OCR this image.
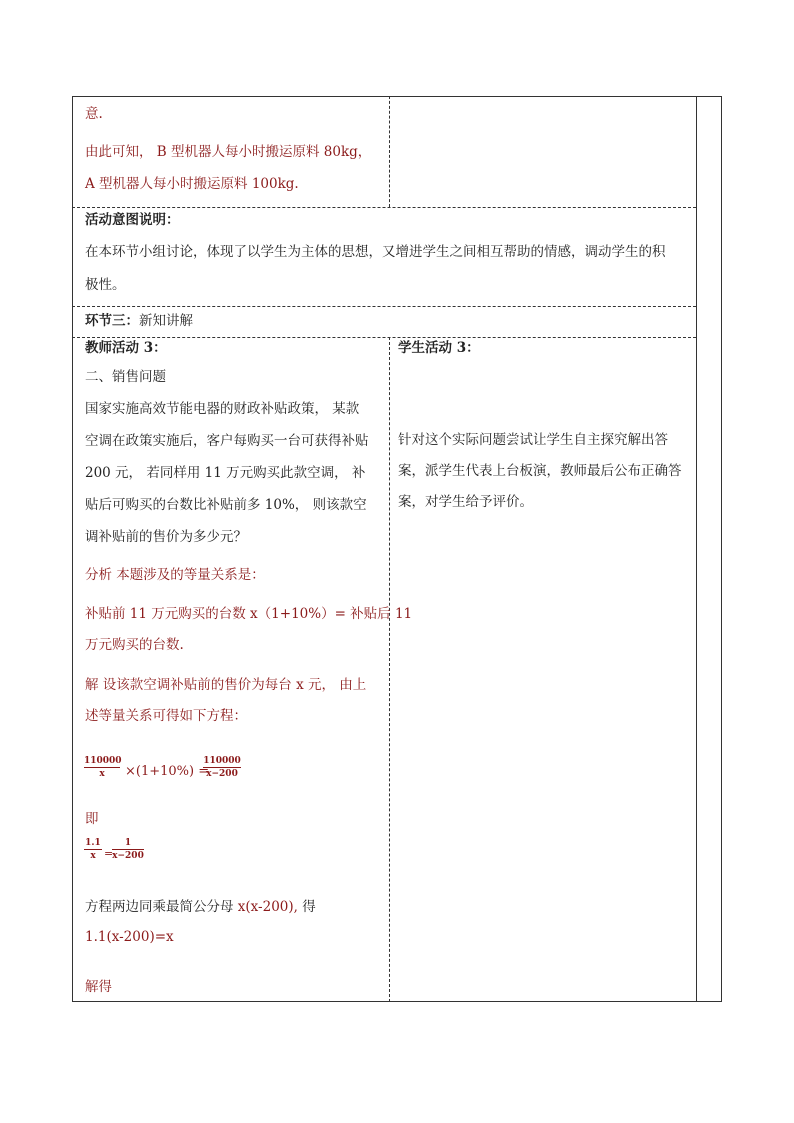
意.
由此可知， B 型机器人每小时搬运原料 80kg，
A 型机器人每小时搬运原料 100kg.
活动意图说明：
在本环节小组讨论，体现了以学生为主体的思想，又增进学生之间相互帮助的情感，调动学生的积
极性。
环节三：新知讲解
教师活动 3：
二、销售问题
国家实施高效节能电器的财政补贴政策， 某款
空调在政策实施后，客户每购买一台可获得补贴
200 元， 若同样用 11 万元购买此款空调， 补
贴后可购买的台数比补贴前多 10%， 则该款空
调补贴前的售价为多少元？
分析 本题涉及的等量关系是：
补贴前 11 万元购买的台数 x（1+10%）= 补贴后 11
万元购买的台数.
解 设该款空调补贴前的售价为每台 x 元， 由上
述等量关系可得如下方程：
110000
x	×(1+10%) =
110000
x−200
即
1.1
x =
1
x−200
方程两边同乘最简公分母 x(x-200), 得
1.1(x-200)=x
解得
学生活动 3：
针对这个实际问题尝试让学生自主探究解出答
案，派学生代表上台板演，教师最后公布正确答
案，对学生给予评价。
